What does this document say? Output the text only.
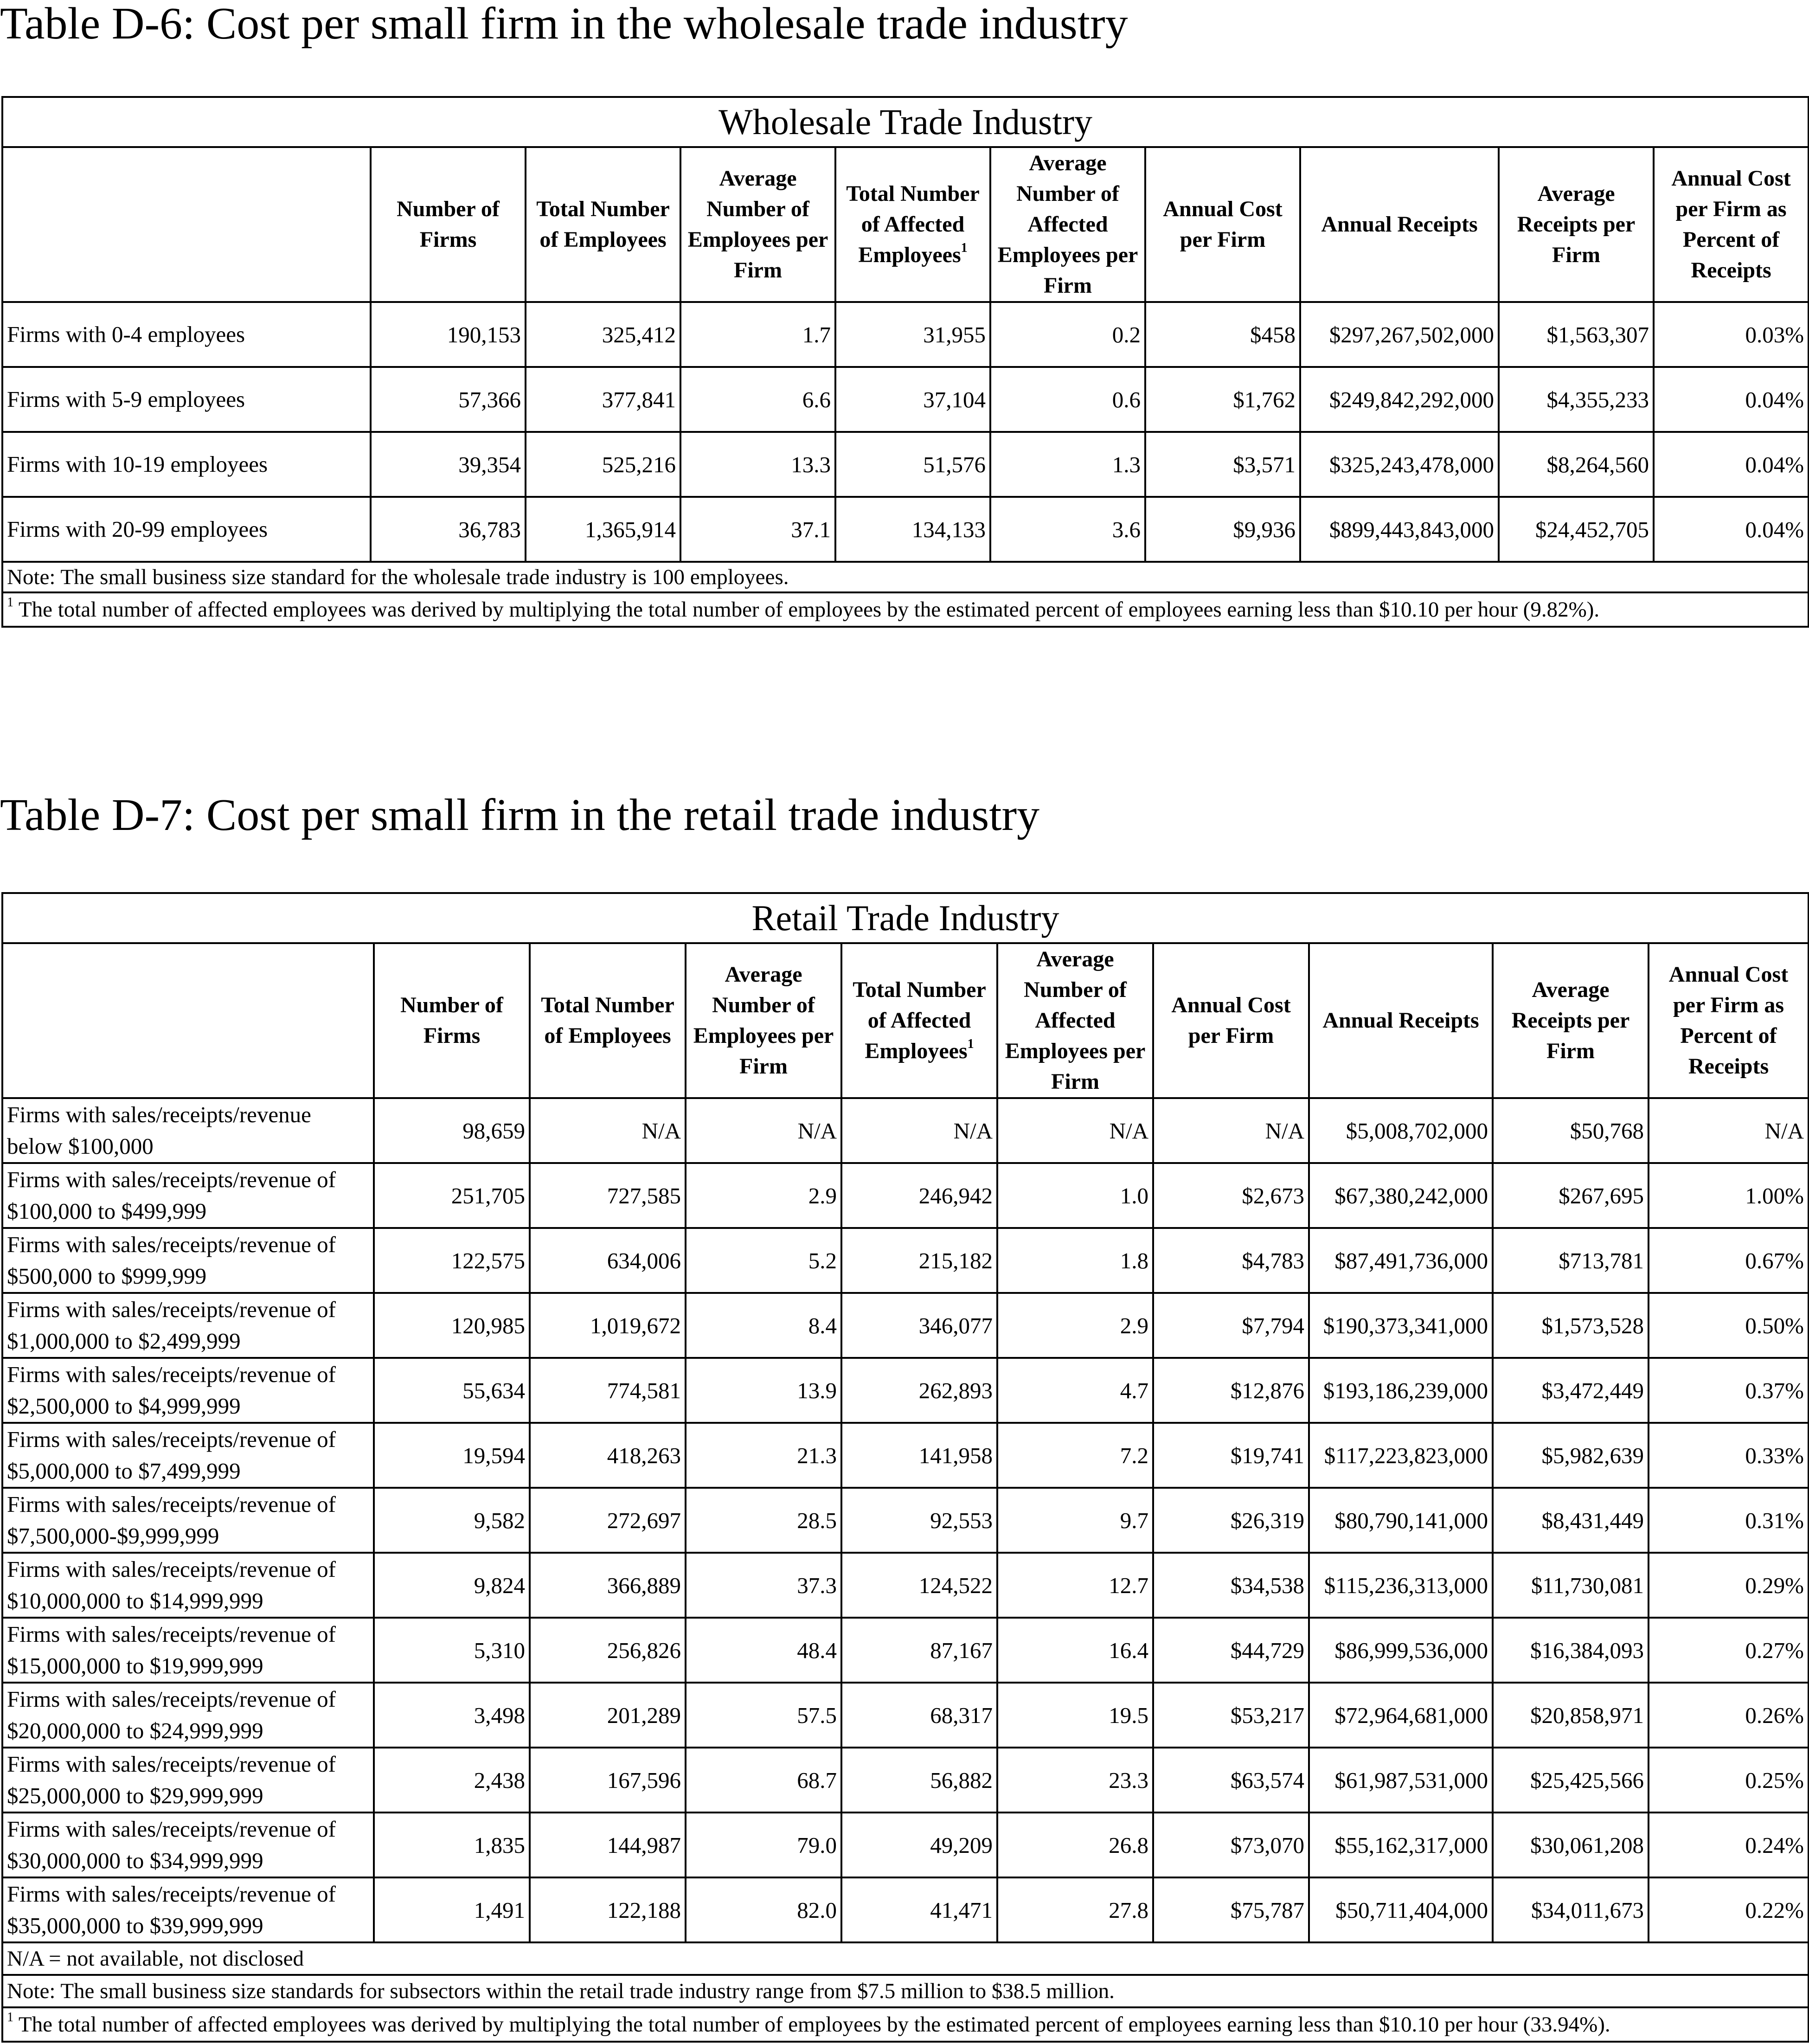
Table D-6: Cost per small firm in the wholesale trade industry
Wholesale Trade Industry									
	Number of Firms	Total Number of Employees	Average Number of Employees per Firm	Total Number of Affected Employees$^1$	Average Number of Affected Employees per Firm	Annual Cost per Firm	Annual Receipts	Average Receipts per Firm	Annual Cost per Firm as Percent of Receipts
Firms with 0-4 employees	190,153	325,412	1.7	31,955	0.2	$458	$297,267,502,000	$1,563,307	0.03%
Firms with 5-9 employees	57,366	377,841	6.6	37,104	0.6	$1,762	$249,842,292,000	$4,355,233	0.04%
Firms with 10-19 employees	39,354	525,216	13.3	51,576	1.3	$3,571	$325,243,478,000	$8,264,560	0.04%
Firms with 20-99 employees	36,783	1,365,914	37.1	134,133	3.6	$9,936	$899,443,843,000	$24,452,705	0.04%
Note: The small business size standard for the wholesale trade industry is 100 employees.									
$^1$ The total number of affected employees was derived by multiplying the total number of employees by the estimated percent of employees earning less than $10.10 per hour (9.82%).									
Table D-7: Cost per small firm in the retail trade industry
Retail Trade Industry									
	Number of Firms	Total Number of Employees	Average Number of Employees per Firm	Total Number of Affected Employees$^1$	Average Number of Affected Employees per Firm	Annual Cost per Firm	Annual Receipts	Average Receipts per Firm	Annual Cost per Firm as Percent of Receipts
Firms with sales/receipts/revenue below $100,000	98,659	N/A	N/A	N/A	N/A	N/A	$5,008,702,000	$50,768	N/A
Firms with sales/receipts/revenue of $100,000 to $499,999	251,705	727,585	2.9	246,942	1.0	$2,673	$67,380,242,000	$267,695	1.00%
Firms with sales/receipts/revenue of $500,000 to $999,999	122,575	634,006	5.2	215,182	1.8	$4,783	$87,491,736,000	$713,781	0.67%
Firms with sales/receipts/revenue of $1,000,000 to $2,499,999	120,985	1,019,672	8.4	346,077	2.9	$7,794	$190,373,341,000	$1,573,528	0.50%
Firms with sales/receipts/revenue of $2,500,000 to $4,999,999	55,634	774,581	13.9	262,893	4.7	$12,876	$193,186,239,000	$3,472,449	0.37%
Firms with sales/receipts/revenue of $5,000,000 to $7,499,999	19,594	418,263	21.3	141,958	7.2	$19,741	$117,223,823,000	$5,982,639	0.33%
Firms with sales/receipts/revenue of $7,500,000-$9,999,999	9,582	272,697	28.5	92,553	9.7	$26,319	$80,790,141,000	$8,431,449	0.31%
Firms with sales/receipts/revenue of $10,000,000 to $14,999,999	9,824	366,889	37.3	124,522	12.7	$34,538	$115,236,313,000	$11,730,081	0.29%
Firms with sales/receipts/revenue of $15,000,000 to $19,999,999	5,310	256,826	48.4	87,167	16.4	$44,729	$86,999,536,000	$16,384,093	0.27%
Firms with sales/receipts/revenue of $20,000,000 to $24,999,999	3,498	201,289	57.5	68,317	19.5	$53,217	$72,964,681,000	$20,858,971	0.26%
Firms with sales/receipts/revenue of $25,000,000 to $29,999,999	2,438	167,596	68.7	56,882	23.3	$63,574	$61,987,531,000	$25,425,566	0.25%
Firms with sales/receipts/revenue of $30,000,000 to $34,999,999	1,835	144,987	79.0	49,209	26.8	$73,070	$55,162,317,000	$30,061,208	0.24%
Firms with sales/receipts/revenue of $35,000,000 to $39,999,999	1,491	122,188	82.0	41,471	27.8	$75,787	$50,711,404,000	$34,011,673	0.22%
N/A = not available, not disclosed									
Note: The small business size standards for subsectors within the retail trade industry range from $7.5 million to $38.5 million.									
$^1$ The total number of affected employees was derived by multiplying the total number of employees by the estimated percent of employees earning less than $10.10 per hour (33.94%).									
